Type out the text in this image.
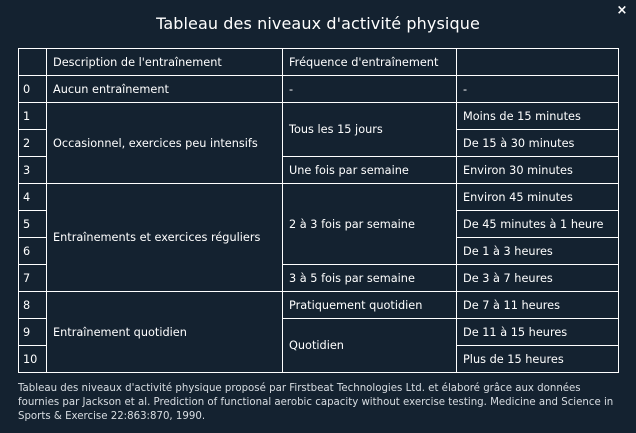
Tableau des niveaux d'activité physique
×
	Description de l'entraînement	Fréquence d'entraînement	
0	Aucun entraînement	-	-
1	Occasionnel, exercices peu intensifs	Tous les 15 jours	Moins de 15 minutes
2			De 15 à 30 minutes
3		Une fois par semaine	Environ 30 minutes
4	Entraînements et exercices réguliers	2 à 3 fois par semaine	Environ 45 minutes
5			De 45 minutes à 1 heure
6			De 1 à 3 heures
7		3 à 5 fois par semaine	De 3 à 7 heures
8	Entraînement quotidien	Pratiquement quotidien	De 7 à 11 heures
9		Quotidien	De 11 à 15 heures
10			Plus de 15 heures
Tableau des niveaux d'activité physique proposé par Firstbeat Technologies Ltd. et élaboré grâce aux données fournies par Jackson et al. Prediction of functional aerobic capacity without exercise testing. Medicine and Science in Sports & Exercise 22:863:870, 1990.
